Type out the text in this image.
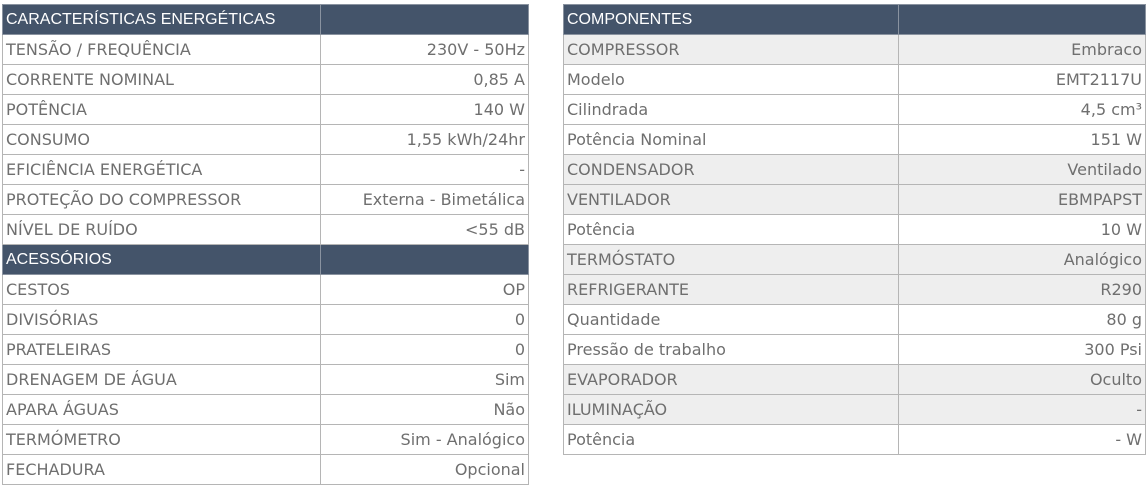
CARACTERÍSTICAS ENERGÉTICAS	
TENSÃO / FREQUÊNCIA	230V - 50Hz
CORRENTE NOMINAL	0,85 A
POTÊNCIA	140 W
CONSUMO	1,55 kWh/24hr
EFICIÊNCIA ENERGÉTICA	-
PROTEÇÃO DO COMPRESSOR	Externa - Bimetálica
NÍVEL DE RUÍDO	<55 dB
ACESSÓRIOS	
CESTOS	OP
DIVISÓRIAS	0
PRATELEIRAS	0
DRENAGEM DE ÁGUA	Sim
APARA ÁGUAS	Não
TERMÓMETRO	Sim - Analógico
FECHADURA	Opcional
COMPONENTES	
COMPRESSOR	Embraco
Modelo	EMT2117U
Cilindrada	4,5 cm³
Potência Nominal	151 W
CONDENSADOR	Ventilado
VENTILADOR	EBMPAPST
Potência	10 W
TERMÓSTATO	Analógico
REFRIGERANTE	R290
Quantidade	80 g
Pressão de trabalho	300 Psi
EVAPORADOR	Oculto
ILUMINAÇÃO	-
Potência	- W
